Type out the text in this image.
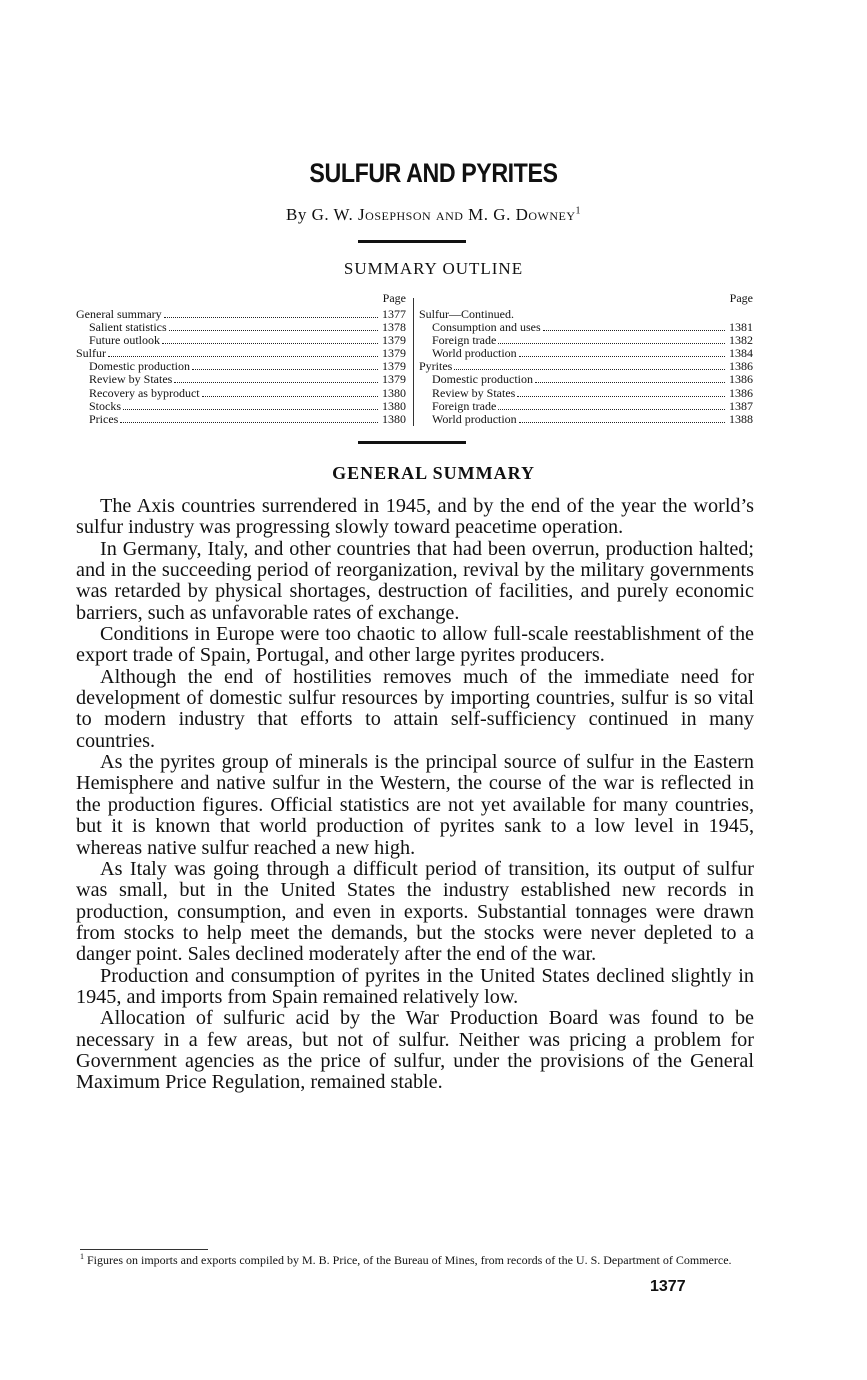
SULFUR AND PYRITES
By G. W. Josephson and M. G. Downey$^1$
SUMMARY OUTLINE
Page
General summary	1377
Salient statistics	1378
Future outlook	1379
Sulfur	1379
Domestic production	1379
Review by States	1379
Recovery as byproduct	1380
Stocks	1380
Prices	1380
Page
Sulfur—Continued.
Consumption and uses	1381
Foreign trade	1382
World production	1384
Pyrites	1386
Domestic production	1386
Review by States	1386
Foreign trade	1387
World production	1388
GENERAL SUMMARY

The Axis countries surrendered in 1945, and by the end of the year the world’s sulfur industry was progressing slowly toward peacetime operation.

In Germany, Italy, and other countries that had been overrun, production halted; and in the succeeding period of reorganization, revival by the military governments was retarded by physical shortages, destruction of facilities, and purely economic barriers, such as unfavorable rates of exchange.

Conditions in Europe were too chaotic to allow full-scale reestablishment of the export trade of Spain, Portugal, and other large pyrites producers.

Although the end of hostilities removes much of the immediate need for development of domestic sulfur resources by importing countries, sulfur is so vital to modern industry that efforts to attain self-sufficiency continued in many countries.

As the pyrites group of minerals is the principal source of sulfur in the Eastern Hemisphere and native sulfur in the Western, the course of the war is reflected in the production figures. Official statistics are not yet available for many countries, but it is known that world production of pyrites sank to a low level in 1945, whereas native sulfur reached a new high.

As Italy was going through a difficult period of transition, its output of sulfur was small, but in the United States the industry established new records in production, consumption, and even in exports. Substantial tonnages were drawn from stocks to help meet the demands, but the stocks were never depleted to a danger point. Sales declined moderately after the end of the war.

Production and consumption of pyrites in the United States declined slightly in 1945, and imports from Spain remained relatively low.

Allocation of sulfuric acid by the War Production Board was found to be necessary in a few areas, but not of sulfur. Neither was pricing a problem for Government agencies as the price of sulfur, under the provisions of the General Maximum Price Regulation, remained stable.

$^1$ Figures on imports and exports compiled by M. B. Price, of the Bureau of Mines, from records of the U. S. Department of Commerce.
1377
